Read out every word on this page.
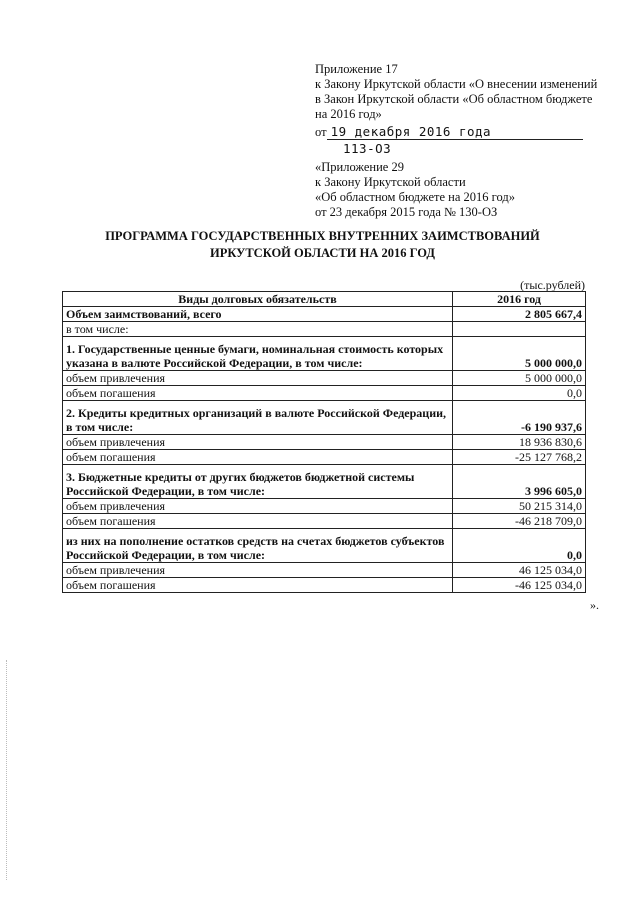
Приложение 17
к Закону Иркутской области «О внесении изменений
в Закон Иркутской области «Об областном бюджете
на 2016 год»
от 19 декабря 2016 года
113-ОЗ
«Приложение 29
к Закону Иркутской области
«Об областном бюджете на 2016 год»
от 23 декабря 2015 года № 130-ОЗ
ПРОГРАММА ГОСУДАРСТВЕННЫХ ВНУТРЕННИХ ЗАИМСТВОВАНИЙ
ИРКУТСКОЙ ОБЛАСТИ НА 2016 ГОД
(тыс.рублей)
Виды долговых обязательств	2016 год
Объем заимствований, всего	2 805 667,4
в том числе:	
1. Государственные ценные бумаги, номинальная стоимость которых указана в валюте Российской Федерации, в том числе:	5 000 000,0
объем привлечения	5 000 000,0
объем погашения	0,0
2. Кредиты кредитных организаций в валюте Российской Федерации, в том числе:	-6 190 937,6
объем привлечения	18 936 830,6
объем погашения	-25 127 768,2
3. Бюджетные кредиты от других бюджетов бюджетной системы Российской Федерации, в том числе:	3 996 605,0
объем привлечения	50 215 314,0
объем погашения	-46 218 709,0
из них на пополнение остатков средств на счетах бюджетов субъектов Российской Федерации, в том числе:	0,0
объем привлечения	46 125 034,0
объем погашения	-46 125 034,0
».
